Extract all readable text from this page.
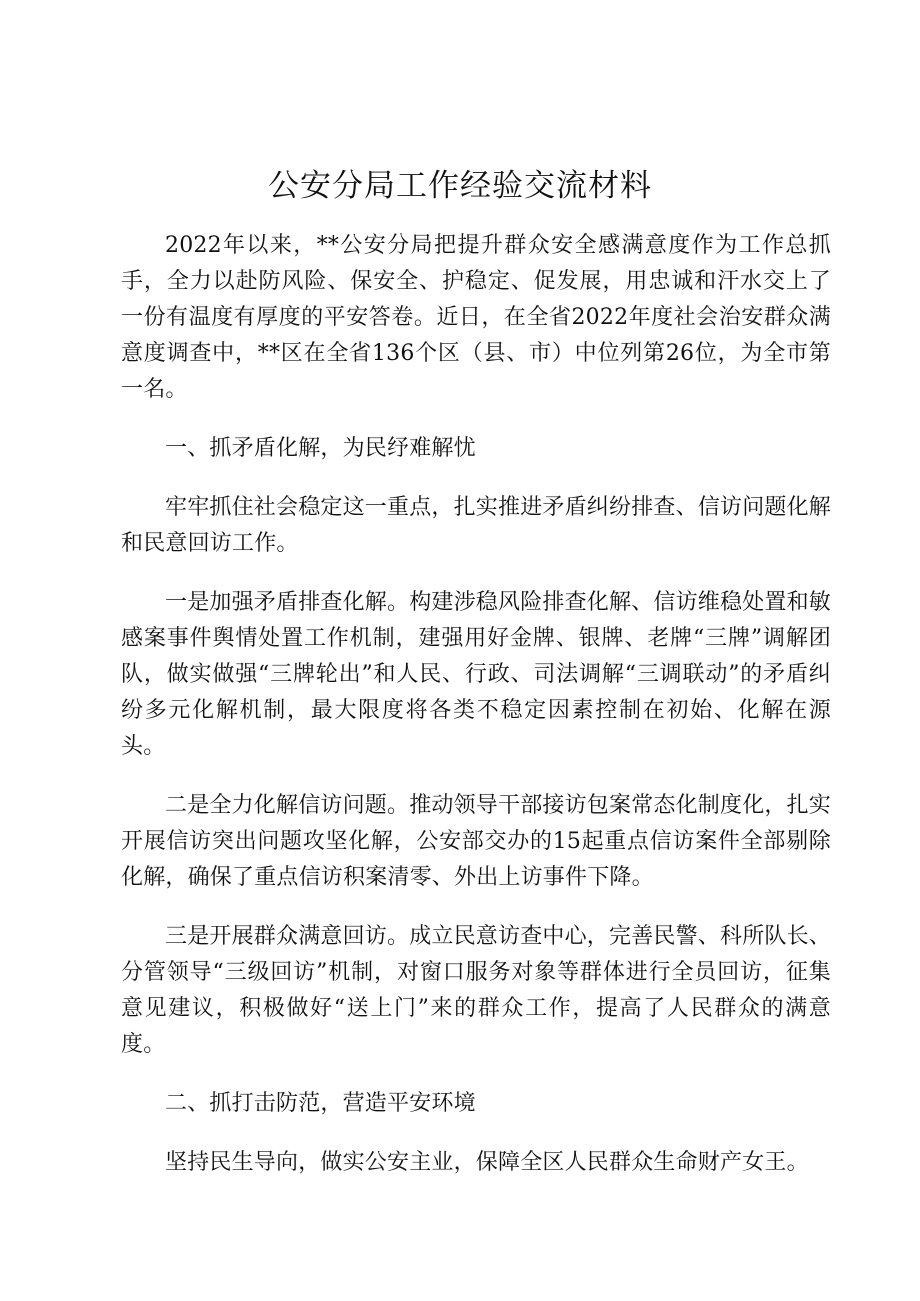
公安分局工作经验交流材料

2022年以来，**公安分局把提升群众安全感满意度作为工作总抓手，全力以赴防风险、保安全、护稳定、促发展，用忠诚和汗水交上了一份有温度有厚度的平安答卷。近日，在全省2022年度社会治安群众满意度调查中，**区在全省136个区（县、市）中位列第26位，为全市第一名。

一、抓矛盾化解，为民纾难解忧

牢牢抓住社会稳定这一重点，扎实推进矛盾纠纷排查、信访问题化解和民意回访工作。

一是加强矛盾排查化解。构建涉稳风险排查化解、信访维稳处置和敏感案事件舆情处置工作机制，建强用好金牌、银牌、老牌“三牌”调解团队，做实做强“三牌轮出”和人民、行政、司法调解“三调联动”的矛盾纠纷多元化解机制，最大限度将各类不稳定因素控制在初始、化解在源头。

二是全力化解信访问题。推动领导干部接访包案常态化制度化，扎实开展信访突出问题攻坚化解，公安部交办的15起重点信访案件全部剔除化解，确保了重点信访积案清零、外出上访事件下降。

三是开展群众满意回访。成立民意访查中心，完善民警、科所队长、分管领导“三级回访”机制，对窗口服务对象等群体进行全员回访，征集意见建议，积极做好“送上门”来的群众工作，提高了人民群众的满意度。

二、抓打击防范，营造平安环境

坚持民生导向，做实公安主业，保障全区人民群众生命财产女王。
